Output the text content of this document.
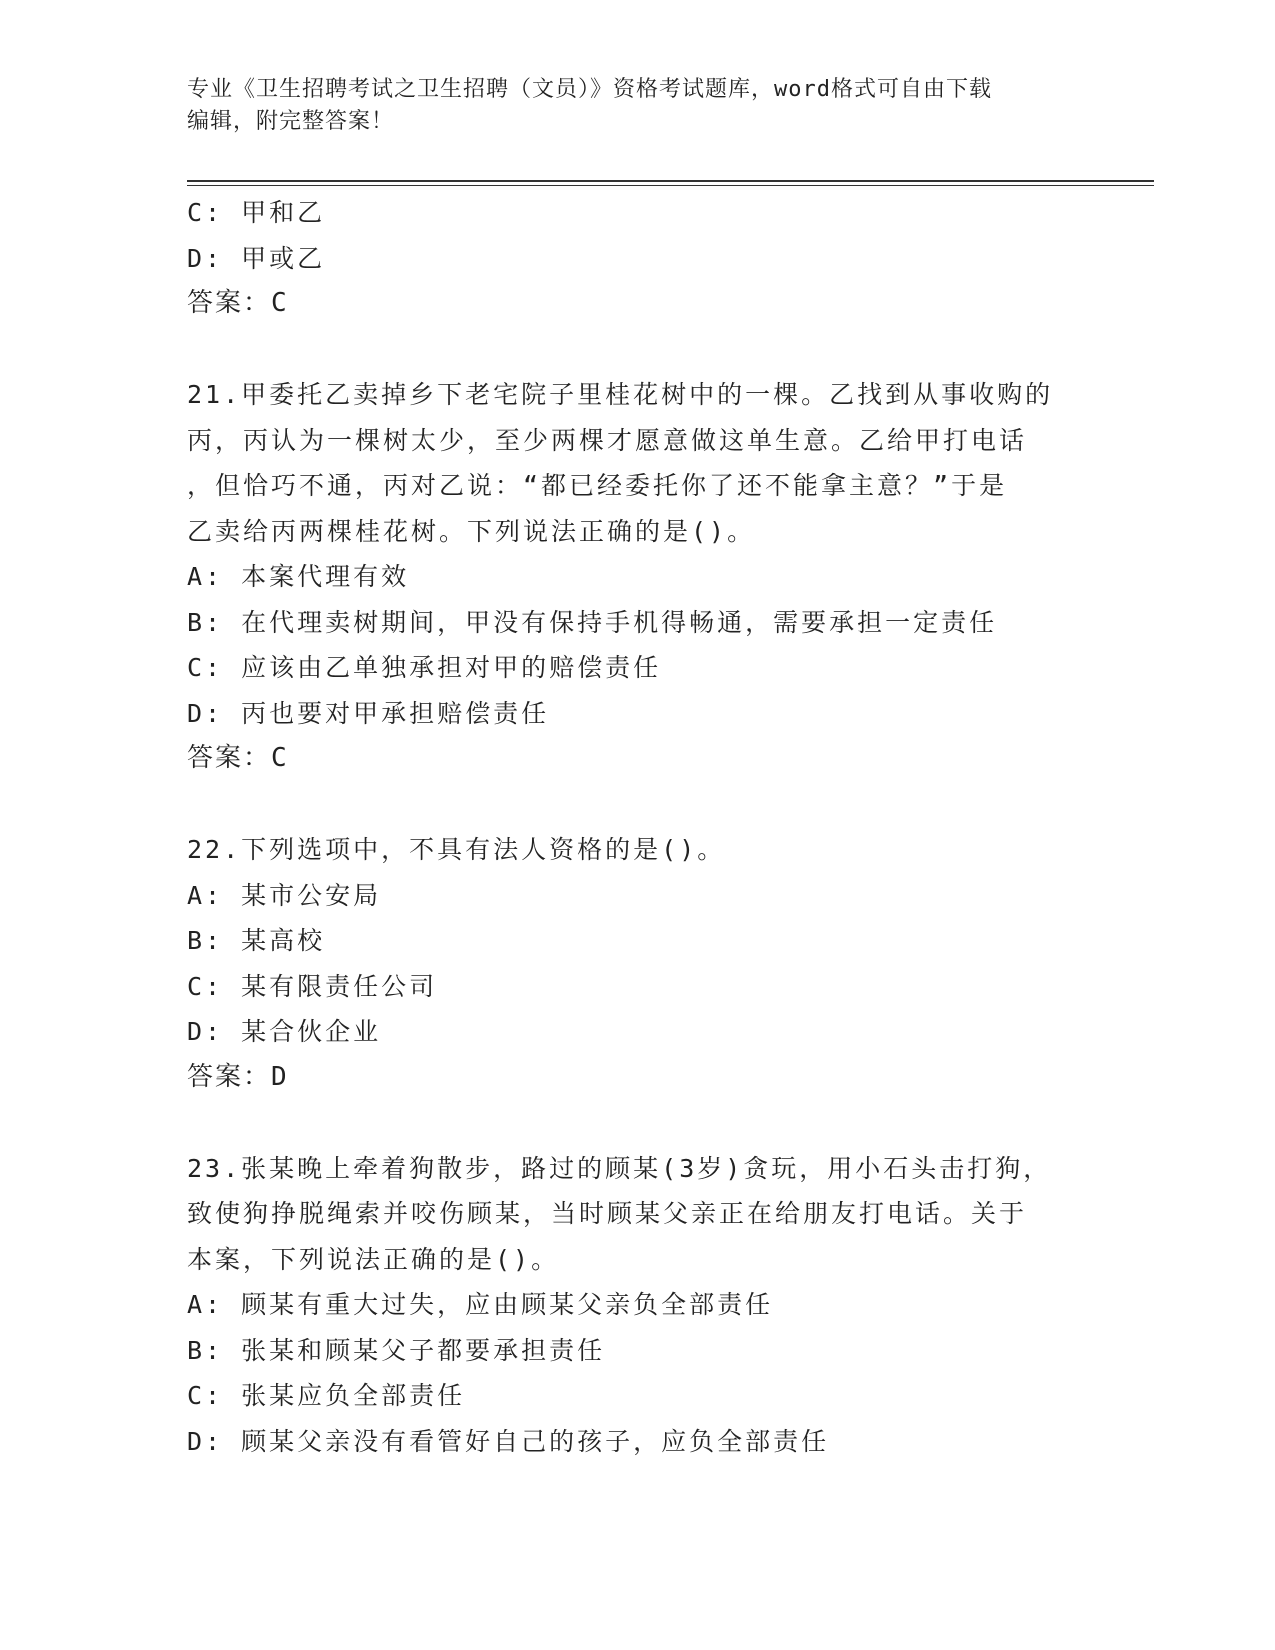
专业《卫生招聘考试之卫生招聘（文员）》资格考试题库，word格式可自由下载
编辑，附完整答案！
C: 甲和乙
D: 甲或乙
答案：C
21.甲委托乙卖掉乡下老宅院子里桂花树中的一棵。乙找到从事收购的
丙，丙认为一棵树太少，至少两棵才愿意做这单生意。乙给甲打电话
，但恰巧不通，丙对乙说：“都已经委托你了还不能拿主意？”于是
乙卖给丙两棵桂花树。下列说法正确的是()。
A: 本案代理有效
B: 在代理卖树期间，甲没有保持手机得畅通，需要承担一定责任
C: 应该由乙单独承担对甲的赔偿责任
D: 丙也要对甲承担赔偿责任
答案：C
22.下列选项中，不具有法人资格的是()。
A: 某市公安局
B: 某高校
C: 某有限责任公司
D: 某合伙企业
答案：D
23.张某晚上牵着狗散步，路过的顾某(3岁)贪玩，用小石头击打狗，
致使狗挣脱绳索并咬伤顾某，当时顾某父亲正在给朋友打电话。关于
本案，下列说法正确的是()。
A: 顾某有重大过失，应由顾某父亲负全部责任
B: 张某和顾某父子都要承担责任
C: 张某应负全部责任
D: 顾某父亲没有看管好自己的孩子，应负全部责任
